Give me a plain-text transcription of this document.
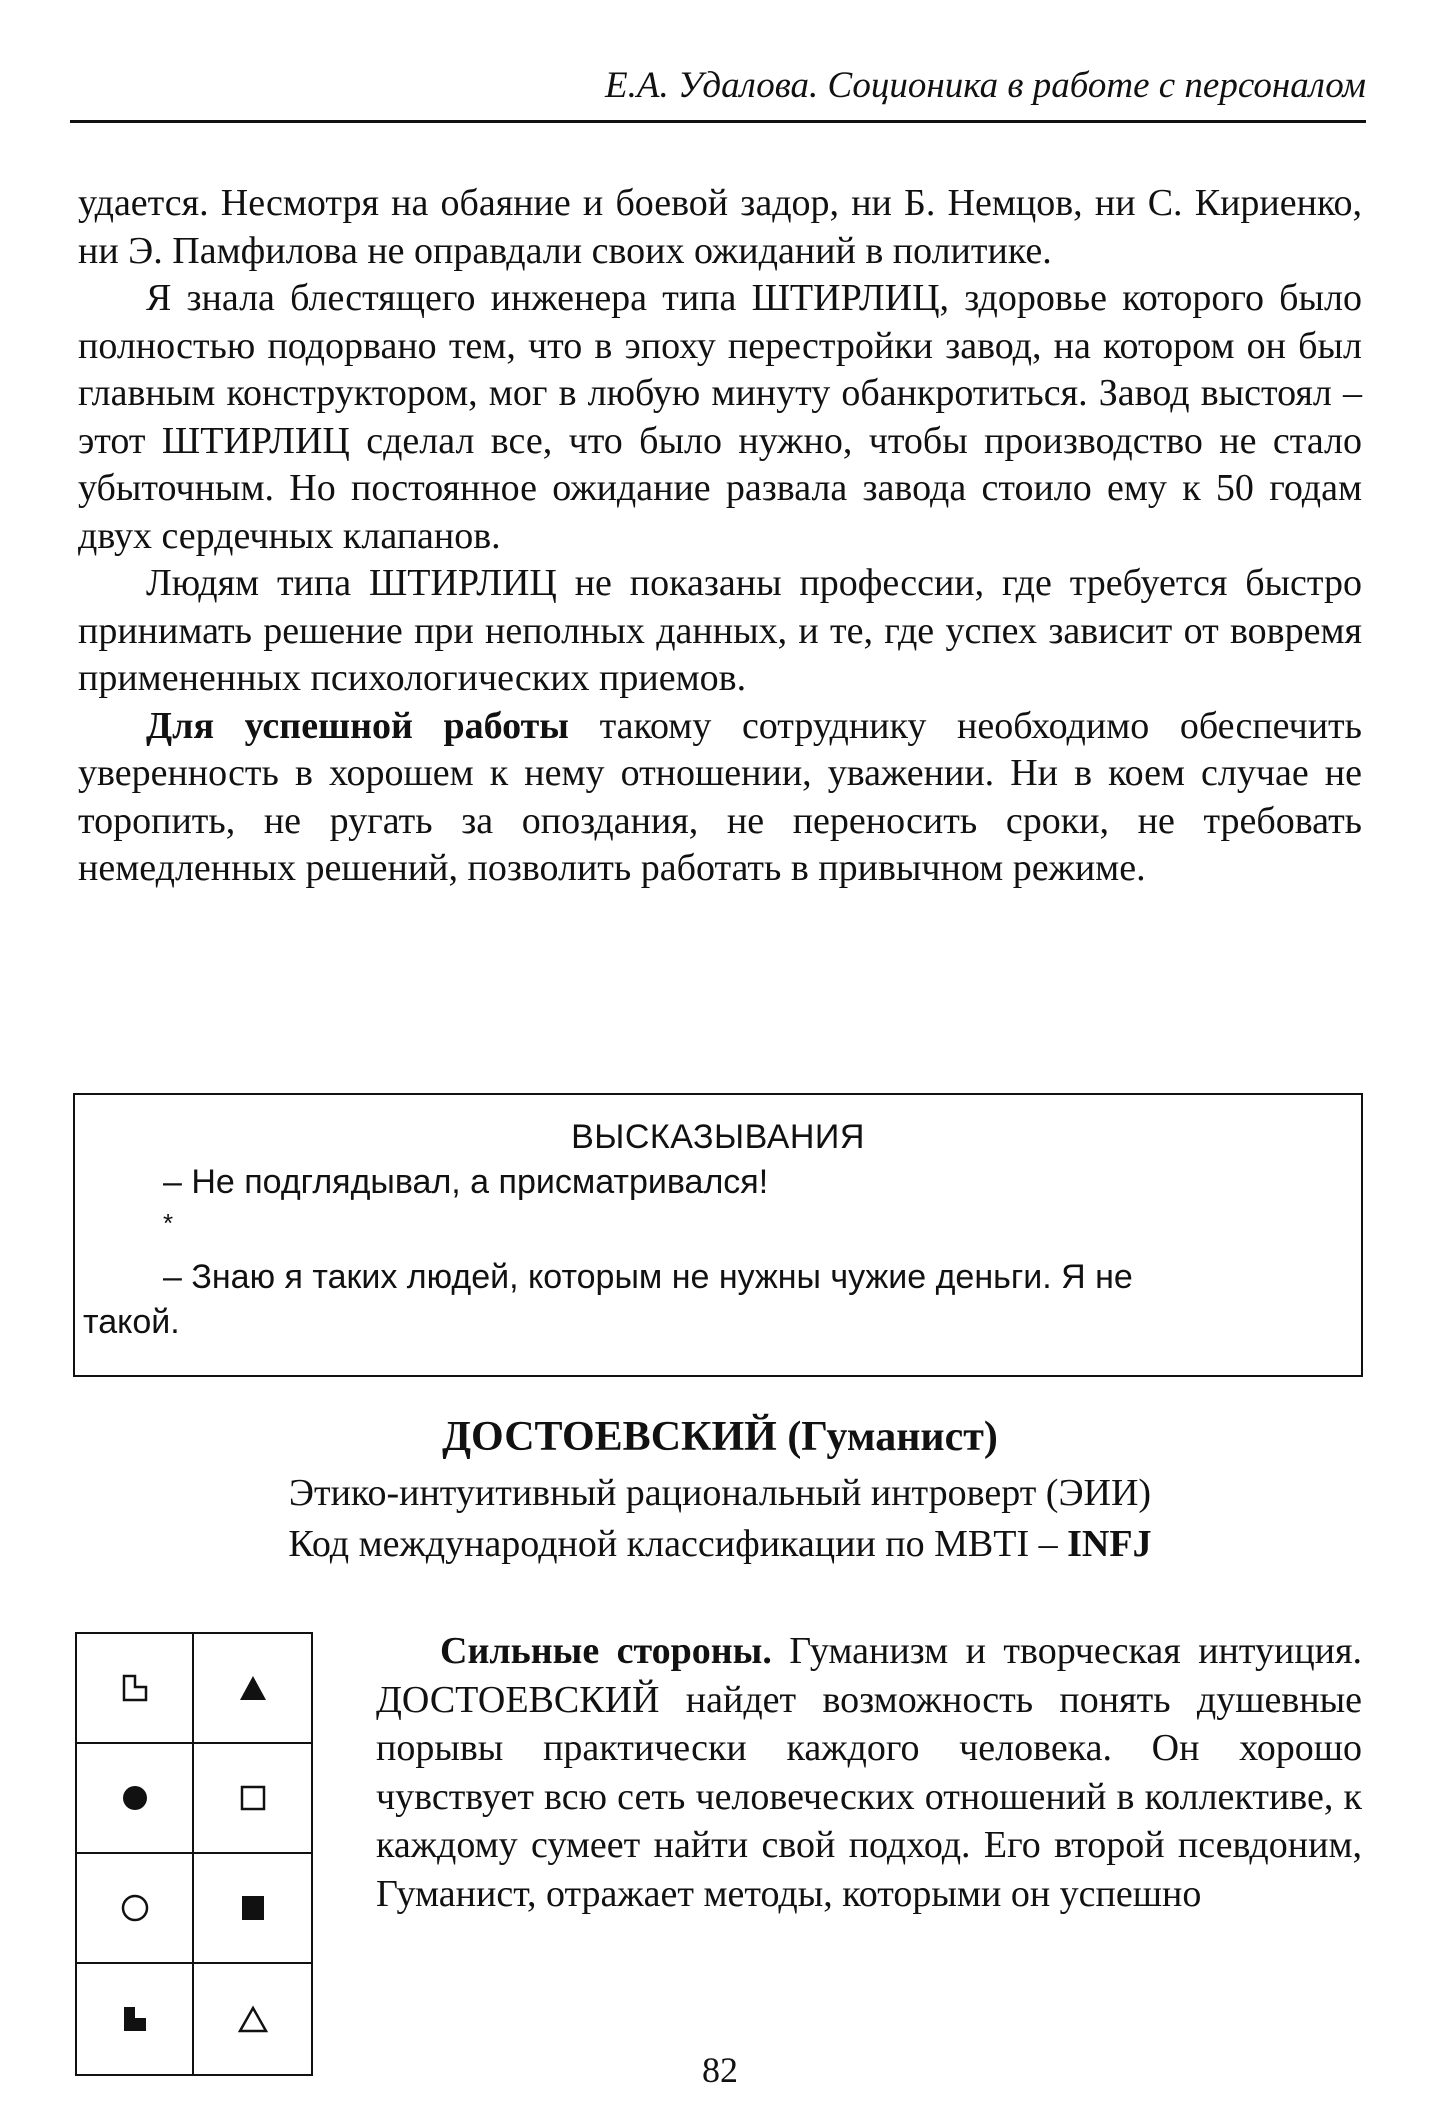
Е.А. Удалова. Соционика в работе с персоналом

удается. Несмотря на обаяние и боевой задор, ни Б. Немцов, ни С. Кириенко, ни Э. Памфилова не оправдали своих ожиданий в политике.

Я знала блестящего инженера типа ШТИРЛИЦ, здоровье которого было полностью подорвано тем, что в эпоху перестройки завод, на котором он был главным конструктором, мог в любую минуту обанкротиться. Завод выстоял – этот ШТИРЛИЦ сделал все, что было нужно, чтобы производство не стало убыточным. Но постоянное ожидание развала завода стоило ему к 50 годам двух сердечных клапанов.

Людям типа ШТИРЛИЦ не показаны профессии, где требуется быстро принимать решение при неполных данных, и те, где успех зависит от вовремя примененных психологических приемов.

Для успешной работы такому сотруднику необходимо обеспечить уверенность в хорошем к нему отношении, уважении. Ни в коем случае не торопить, не ругать за опоздания, не переносить сроки, не требовать немедленных решений, позволить работать в привычном режиме.

ВЫСКАЗЫВАНИЯ
– Не подглядывал, а присматривался!
*
– Знаю я таких людей, которым не нужны чужие деньги. Я не
такой.
ДОСТОЕВСКИЙ (Гуманист)
Этико-интуитивный рациональный интроверт (ЭИИ)
Код международной классификации по MBTI – INFJ

Сильные стороны. Гуманизм и творческая интуиция. ДОСТОЕВСКИЙ найдет возможность понять душевные порывы практически каждого человека. Он хорошо чувствует всю сеть человеческих отношений в коллективе, к каждому сумеет найти свой подход. Его второй псевдоним, Гуманист, отражает методы, которыми он успешно

82
